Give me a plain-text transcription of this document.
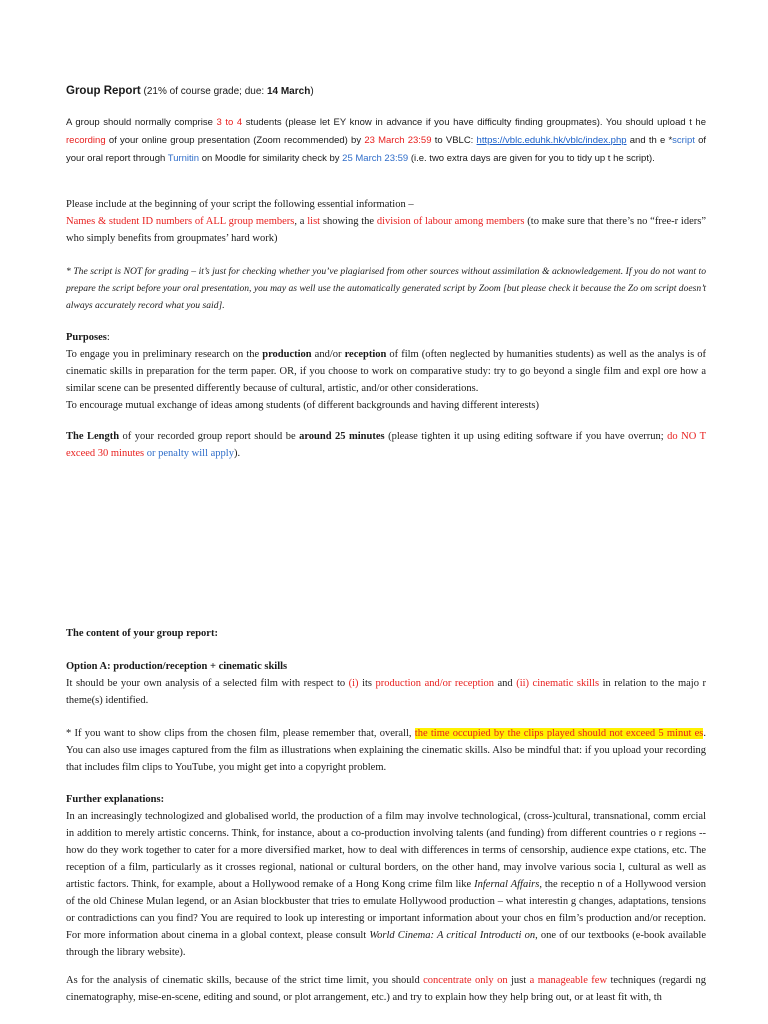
Group Report (21% of course grade; due: 14 March)
A group should normally comprise 3 to 4 students (please let EY know in advance if you have difficulty finding groupmates). You should upload t he recording of your online group presentation (Zoom recommended) by 23 March 23:59 to VBLC: https://vblc.eduhk.hk/vblc/index.php and th e *script of your oral report through Turnitin on Moodle for similarity check by 25 March 23:59 (i.e. two extra days are given for you to tidy up t he script).
Please include at the beginning of your script the following essential information –
Names & student ID numbers of ALL group members, a list showing the division of labour among members (to make sure that there’s no “free-r iders” who simply benefits from groupmates’ hard work)
* The script is NOT for grading – it’s just for checking whether you’ve plagiarised from other sources without assimilation & acknowledgement. If you do not want to prepare the script before your oral presentation, you may as well use the automatically generated script by Zoom [but please check it because the Zo om script doesn’t always accurately record what you said].
Purposes:
To engage you in preliminary research on the production and/or reception of film (often neglected by humanities students) as well as the analys is of cinematic skills in preparation for the term paper. OR, if you choose to work on comparative study: try to go beyond a single film and expl ore how a similar scene can be presented differently because of cultural, artistic, and/or other considerations.
To encourage mutual exchange of ideas among students (of different backgrounds and having different interests)
The Length of your recorded group report should be around 25 minutes (please tighten it up using editing software if you have overrun; do NO T exceed 30 minutes or penalty will apply).
The content of your group report:
Option A: production/reception + cinematic skills
It should be your own analysis of a selected film with respect to (i) its production and/or reception and (ii) cinematic skills in relation to the majo r theme(s) identified.
* If you want to show clips from the chosen film, please remember that, overall, the time occupied by the clips played should not exceed 5 minut es. You can also use images captured from the film as illustrations when explaining the cinematic skills. Also be mindful that: if you upload your recording that includes film clips to YouTube, you might get into a copyright problem.
Further explanations:
In an increasingly technologized and globalised world, the production of a film may involve technological, (cross-)cultural, transnational, comm ercial in addition to merely artistic concerns. Think, for instance, about a co-production involving talents (and funding) from different countries o r regions -- how do they work together to cater for a more diversified market, how to deal with differences in terms of censorship, audience expe ctations, etc. The reception of a film, particularly as it crosses regional, national or cultural borders, on the other hand, may involve various socia l, cultural as well as artistic factors. Think, for example, about a Hollywood remake of a Hong Kong crime film like Infernal Affairs, the receptio n of a Hollywood version of the old Chinese Mulan legend, or an Asian blockbuster that tries to emulate Hollywood production – what interestin g changes, adaptations, tensions or contradictions can you find? You are required to look up interesting or important information about your chos en film’s production and/or reception. For more information about cinema in a global context, please consult World Cinema: A critical Introducti on, one of our textbooks (e-book available through the library website).
As for the analysis of cinematic skills, because of the strict time limit, you should concentrate only on just a manageable few techniques (regardi ng cinematography, mise-en-scene, editing and sound, or plot arrangement, etc.) and try to explain how they help bring out, or at least fit with, th
